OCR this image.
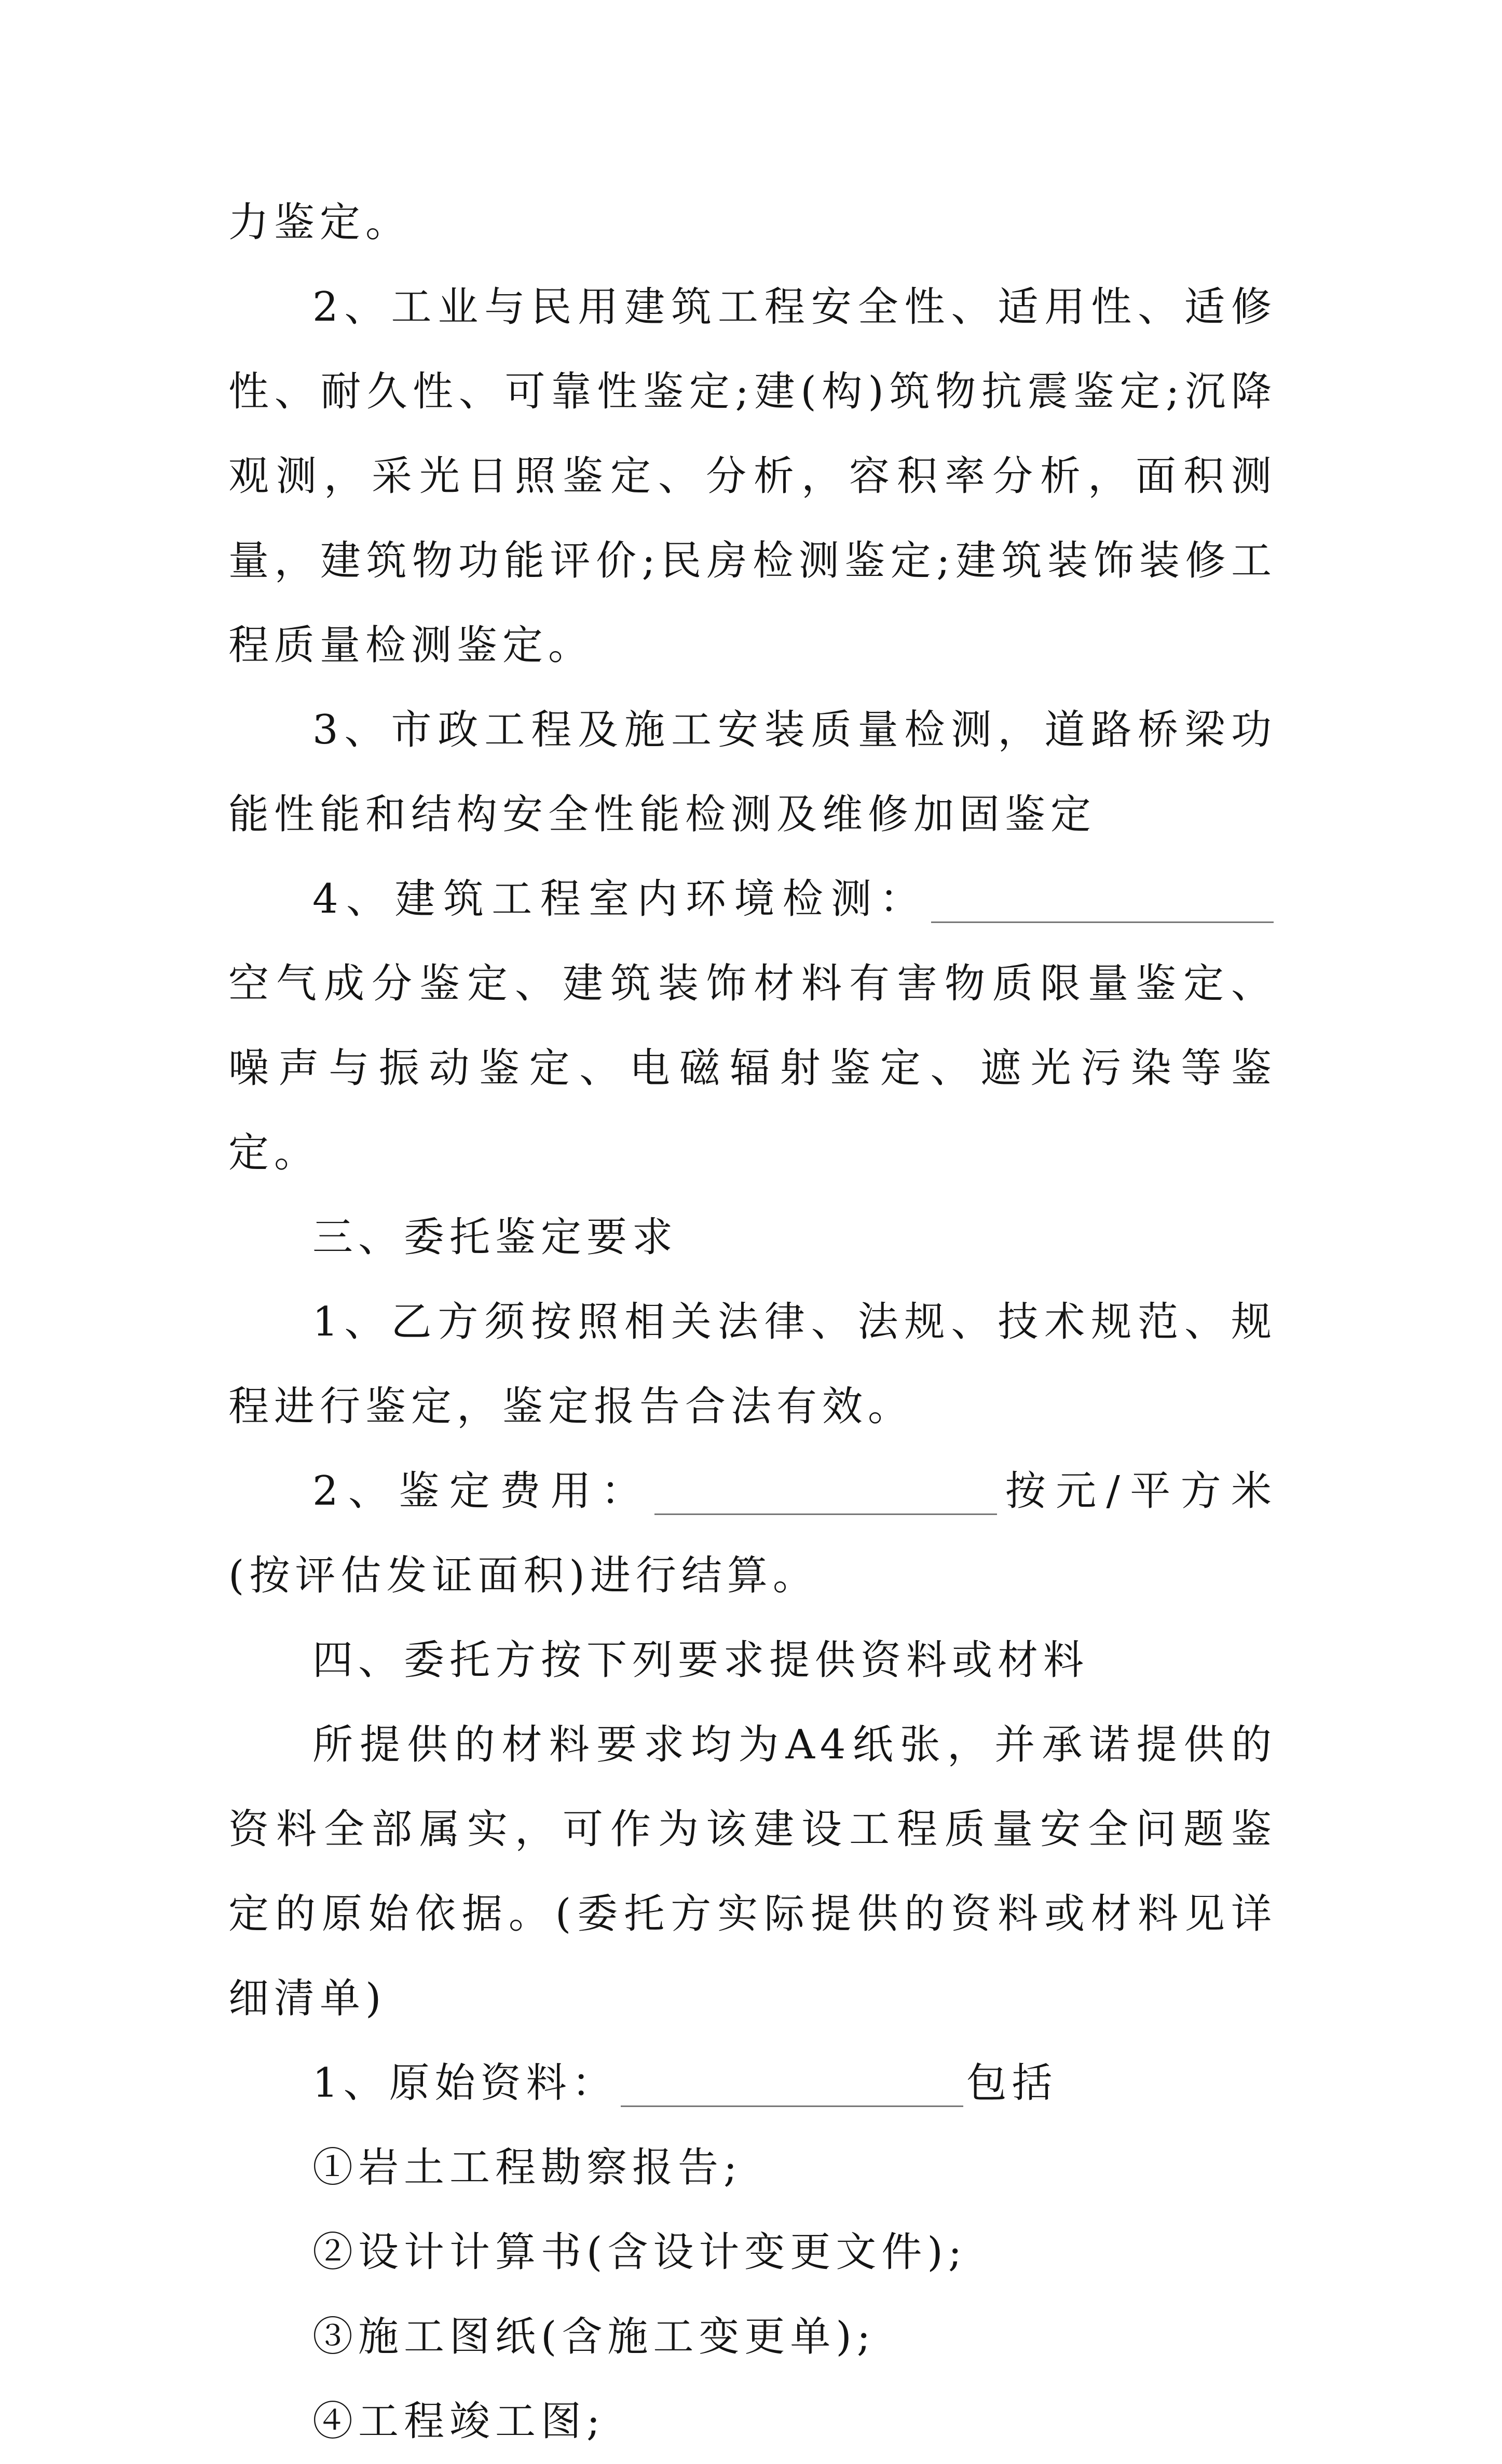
力鉴定。

2、工业与民用建筑工程安全性、适用性、适修性、耐久性、可靠性鉴定;建(构)筑物抗震鉴定;沉降观测，采光日照鉴定、分析，容积率分析，面积测量，建筑物功能评价;民房检测鉴定;建筑装饰装修工程质量检测鉴定。

3、市政工程及施工安装质量检测，道路桥梁功能性能和结构安全性能检测及维修加固鉴定

4、建筑工程室内环境检测：空气成分鉴定、建筑装饰材料有害物质限量鉴定、噪声与振动鉴定、电磁辐射鉴定、遮光污染等鉴定。

三、委托鉴定要求

1、乙方须按照相关法律、法规、技术规范、规程进行鉴定，鉴定报告合法有效。

2、鉴定费用：	按元/平方米(按评估发证面积)进行结算。

四、委托方按下列要求提供资料或材料

所提供的材料要求均为A4纸张，并承诺提供的资料全部属实，可作为该建设工程质量安全问题鉴定的原始依据。(委托方实际提供的资料或材料见详细清单)

1、原始资料：	包括

①岩土工程勘察报告;

②设计计算书(含设计变更文件);

③施工图纸(含施工变更单);

④工程竣工图;
